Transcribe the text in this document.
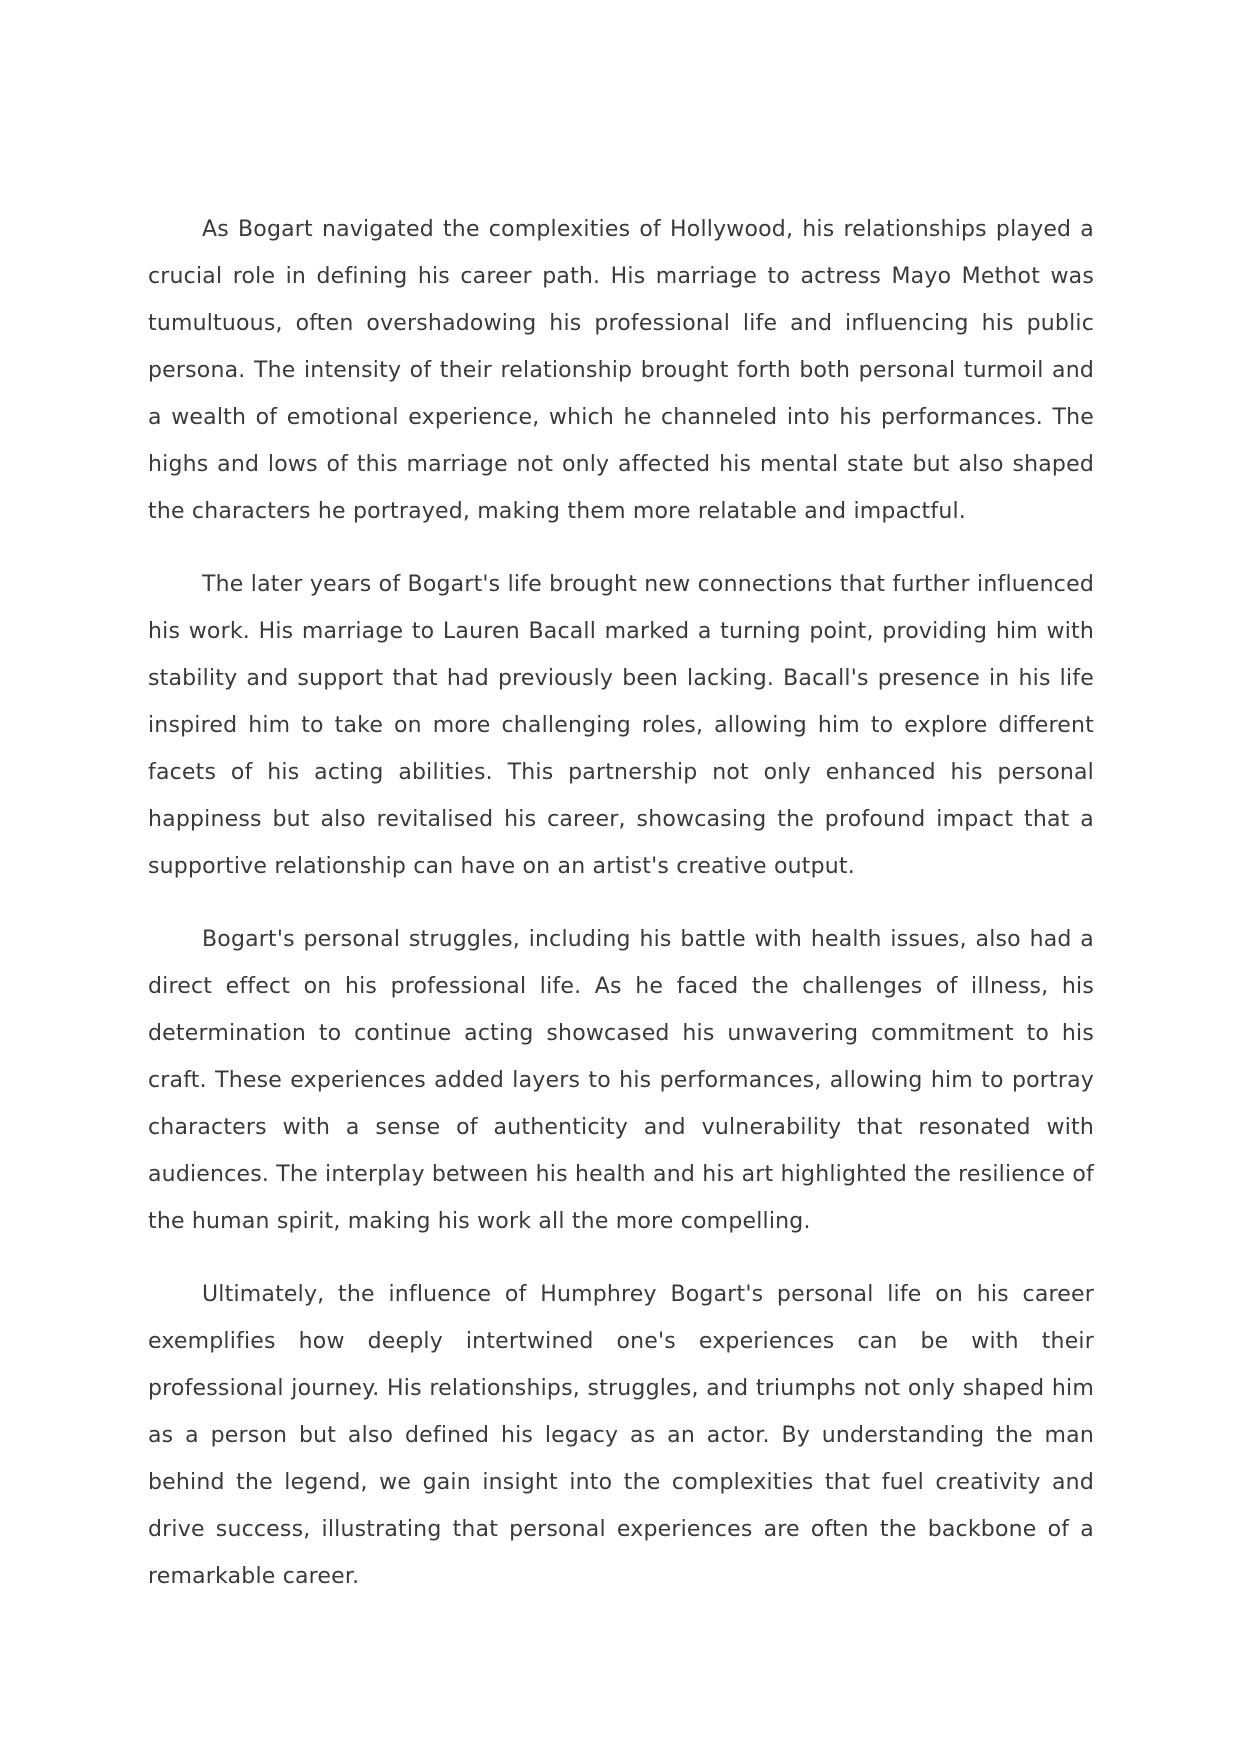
As Bogart navigated the complexities of Hollywood, his relationships played a crucial role in defining his career path. His marriage to actress Mayo Methot was tumultuous, often overshadowing his professional life and influencing his public persona. The intensity of their relationship brought forth both personal turmoil and a wealth of emotional experience, which he channeled into his performances. The highs and lows of this marriage not only affected his mental state but also shaped the characters he portrayed, making them more relatable and impactful.

The later years of Bogart's life brought new connections that further influenced his work. His marriage to Lauren Bacall marked a turning point, providing him with stability and support that had previously been lacking. Bacall's presence in his life inspired him to take on more challenging roles, allowing him to explore different facets of his acting abilities. This partnership not only enhanced his personal happiness but also revitalised his career, showcasing the profound impact that a supportive relationship can have on an artist's creative output.

Bogart's personal struggles, including his battle with health issues, also had a direct effect on his professional life. As he faced the challenges of illness, his determination to continue acting showcased his unwavering commitment to his craft. These experiences added layers to his performances, allowing him to portray characters with a sense of authenticity and vulnerability that resonated with audiences. The interplay between his health and his art highlighted the resilience of the human spirit, making his work all the more compelling.

Ultimately, the influence of Humphrey Bogart's personal life on his career exemplifies how deeply intertwined one's experiences can be with their professional journey. His relationships, struggles, and triumphs not only shaped him as a person but also defined his legacy as an actor. By understanding the man behind the legend, we gain insight into the complexities that fuel creativity and drive success, illustrating that personal experiences are often the backbone of a remarkable career.
